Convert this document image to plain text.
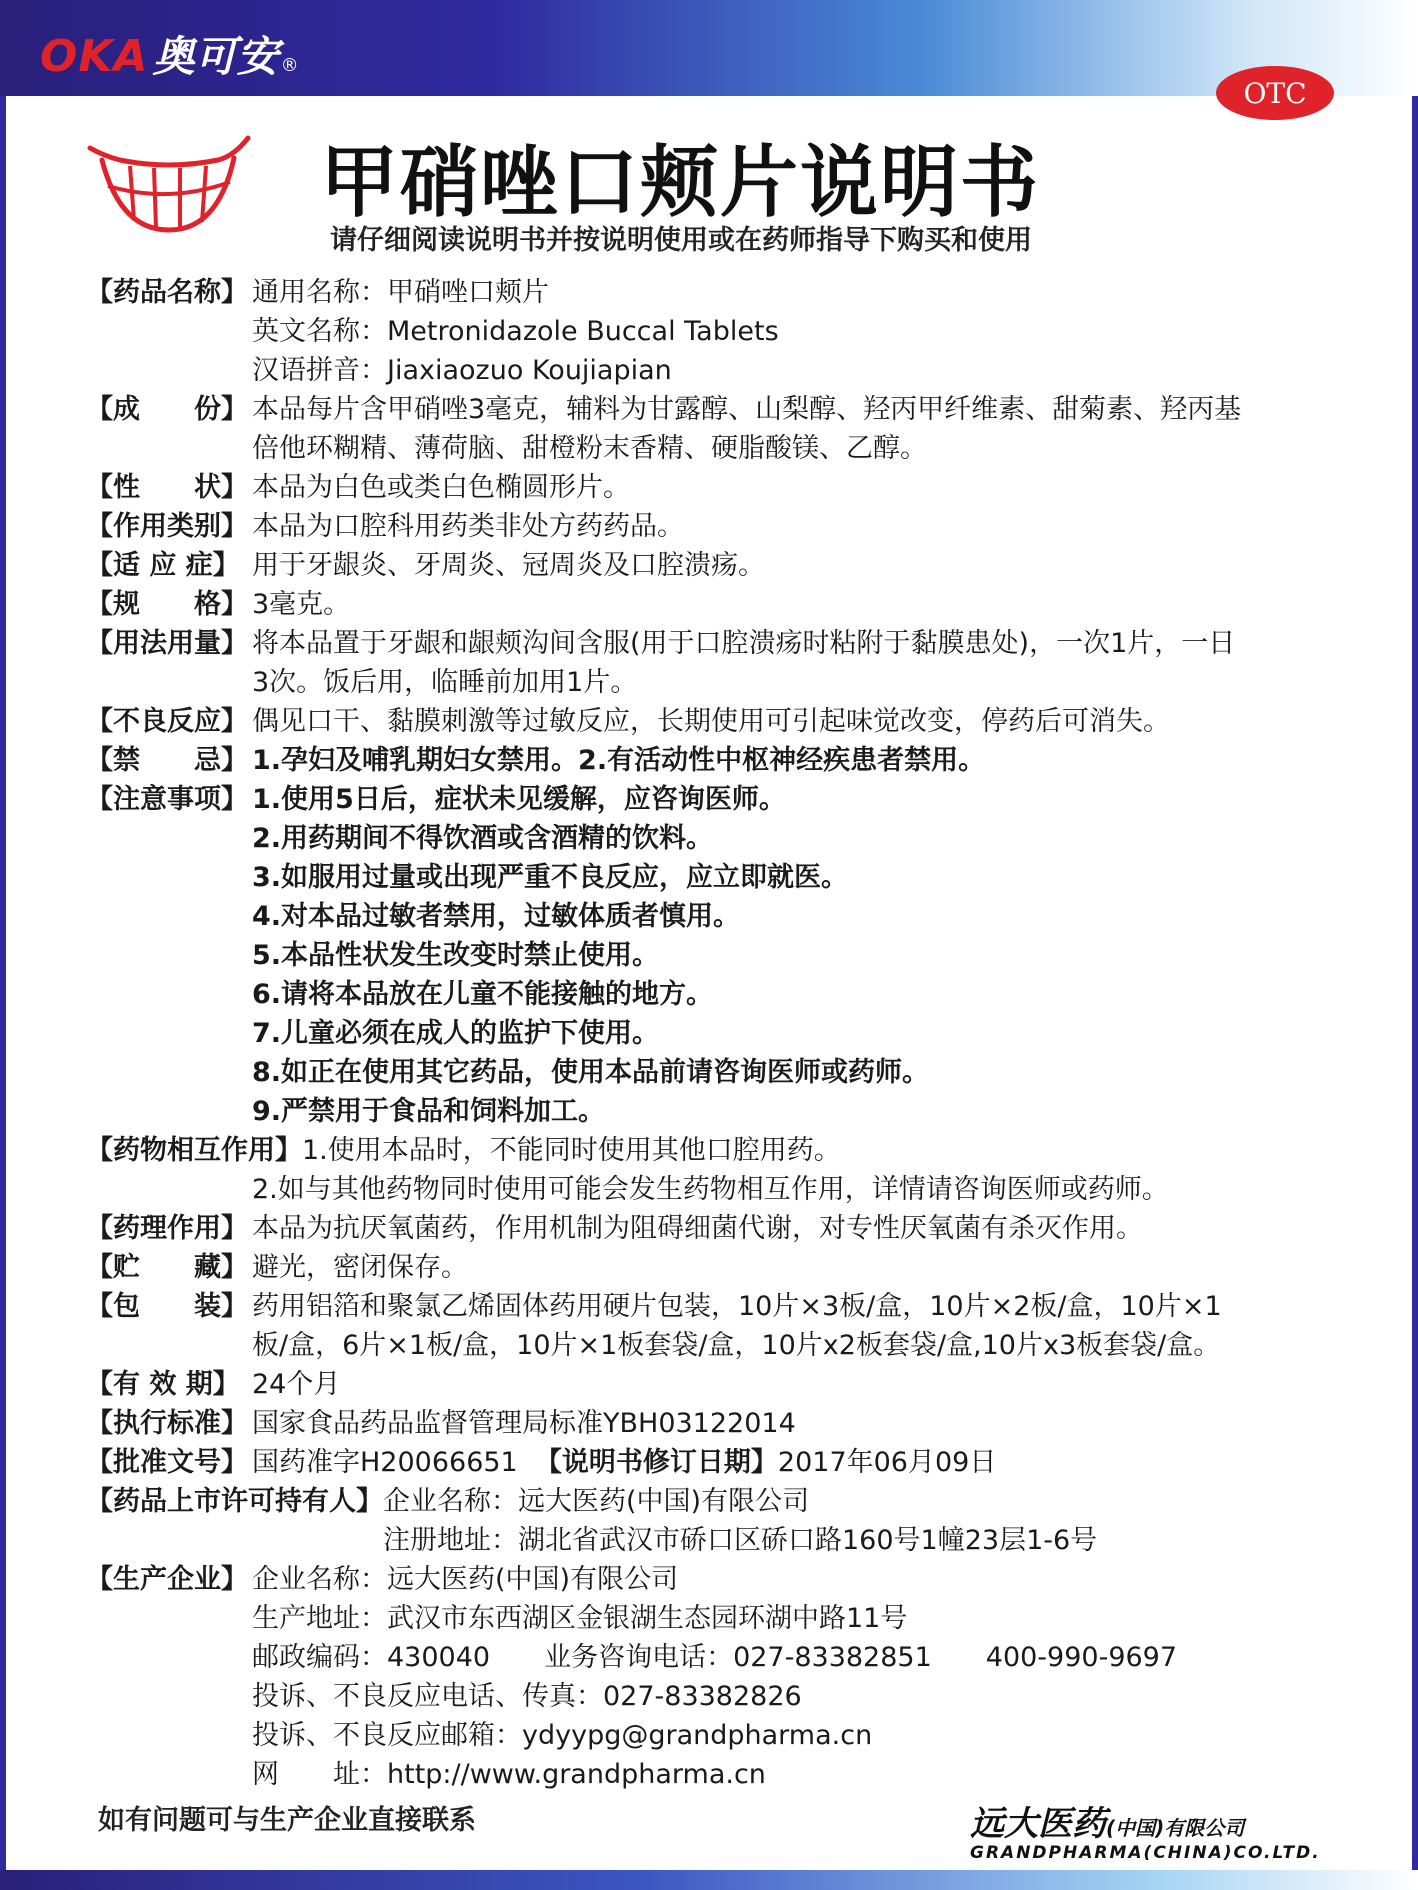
OKA 奥可安 ®
OTC
甲硝唑口颊片说明书
请仔细阅读说明书并按说明使用或在药师指导下购买和使用
【药品名称】 通用名称：甲硝唑口颊片
英文名称：Metronidazole Buccal Tablets
汉语拼音：Jiaxiaozuo Koujiapian
【成　　份】 本品每片含甲硝唑3毫克，辅料为甘露醇、山梨醇、羟丙甲纤维素、甜菊素、羟丙基
倍他环糊精、薄荷脑、甜橙粉末香精、硬脂酸镁、乙醇。
【性　　状】 本品为白色或类白色椭圆形片。
【作用类别】 本品为口腔科用药类非处方药药品。
【适 应 症】 用于牙龈炎、牙周炎、冠周炎及口腔溃疡。
【规　　格】 3毫克。
【用法用量】 将本品置于牙龈和龈颊沟间含服(用于口腔溃疡时粘附于黏膜患处)，一次1片，一日
3次。饭后用，临睡前加用1片。
【不良反应】 偶见口干、黏膜刺激等过敏反应，长期使用可引起味觉改变，停药后可消失。
【禁　　忌】 1.孕妇及哺乳期妇女禁用。2.有活动性中枢神经疾患者禁用。
【注意事项】 1.使用5日后，症状未见缓解，应咨询医师。
2.用药期间不得饮酒或含酒精的饮料。
3.如服用过量或出现严重不良反应，应立即就医。
4.对本品过敏者禁用，过敏体质者慎用。
5.本品性状发生改变时禁止使用。
6.请将本品放在儿童不能接触的地方。
7.儿童必须在成人的监护下使用。
8.如正在使用其它药品，使用本品前请咨询医师或药师。
9.严禁用于食品和饲料加工。
【药物相互作用】1.使用本品时，不能同时使用其他口腔用药。
2.如与其他药物同时使用可能会发生药物相互作用，详情请咨询医师或药师。
【药理作用】 本品为抗厌氧菌药，作用机制为阻碍细菌代谢，对专性厌氧菌有杀灭作用。
【贮　　藏】 避光，密闭保存。
【包　　装】 药用铝箔和聚氯乙烯固体药用硬片包装，10片×3板/盒，10片×2板/盒，10片×1
板/盒，6片×1板/盒，10片×1板套袋/盒，10片x2板套袋/盒,10片x3板套袋/盒。
【有 效 期】 24个月
【执行标准】 国家食品药品监督管理局标准YBH03122014
【批准文号】 国药准字H20066651 【说明书修订日期】2017年06月09日
【药品上市许可持有人】 企业名称：远大医药(中国)有限公司
注册地址：湖北省武汉市硚口区硚口路160号1幢23层1-6号
【生产企业】 企业名称：远大医药(中国)有限公司
生产地址：武汉市东西湖区金银湖生态园环湖中路11号
邮政编码：430040　　业务咨询电话：027-83382851　　400-990-9697
投诉、不良反应电话、传真：027-83382826
投诉、不良反应邮箱：ydyypg@grandpharma.cn
网　　址：http://www.grandpharma.cn
如有问题可与生产企业直接联系	远大医药(中国)有限公司
GRANDPHARMA(CHINA)CO.LTD.
